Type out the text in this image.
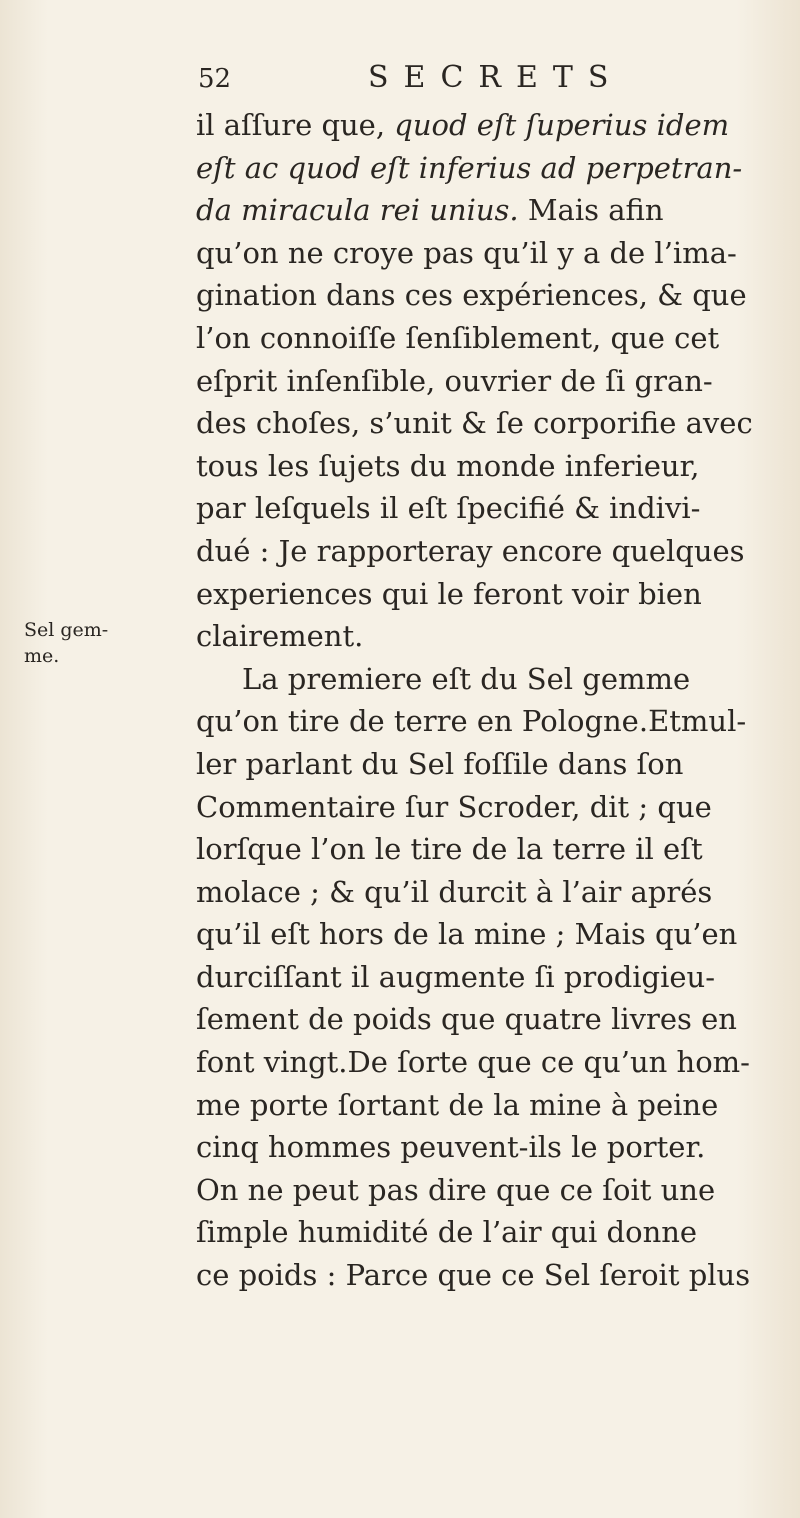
52	SECRETS
Sel gem-
me.
il aſſure que, quod eſt ſuperius idem
eſt ac quod eſt inferius ad perpetran-
da miracula rei unius. Mais afin
qu’on ne croye pas qu’il y a de l’ima-
gination dans ces expériences, & que
l’on connoiſſe ſenſiblement, que cet
eſprit inſenſible, ouvrier de ſi gran-
des choſes, s’unit & ſe corporifie avec
tous les ſujets du monde inferieur,
par leſquels il eſt ſpecifié & indivi-
dué : Je rapporteray encore quelques
experiences qui le feront voir bien
clairement.
La premiere eſt du Sel gemme
qu’on tire de terre en Pologne.Etmul-
ler parlant du Sel foſſile dans ſon
Commentaire ſur Scroder, dit ; que
lorſque l’on le tire de la terre il eſt
molace ; & qu’il durcit à l’air aprés
qu’il eſt hors de la mine ; Mais qu’en
durciſſant il augmente ſi prodigieu-
ſement de poids que quatre livres en
font vingt.De ſorte que ce qu’un hom-
me porte ſortant de la mine à peine
cinq hommes peuvent-ils le porter.
On ne peut pas dire que ce ſoit une
ſimple humidité de l’air qui donne
ce poids : Parce que ce Sel ſeroit plus
